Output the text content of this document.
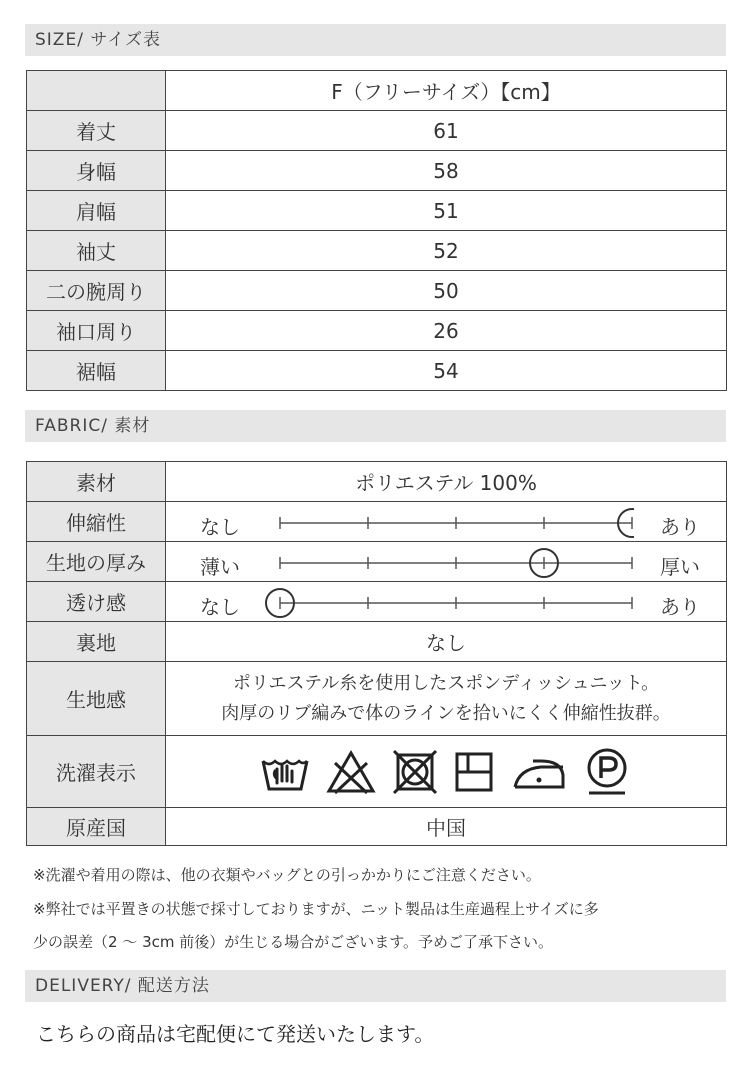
SIZE/ サイズ表
	F（フリーサイズ）【cm】
着丈	61
身幅	58
肩幅	51
袖丈	52
二の腕周り	50
袖口周り	26
裾幅	54
FABRIC/ 素材
素材	ポリエステル 100%
伸縮性	なし あり

生地の厚み	薄い 厚い

透け感	なし あり

裏地	なし
生地感	ポリエステル糸を使用したスポンディッシュニット。
肉厚のリブ編みで体のラインを拾いにくく伸縮性抜群。

洗濯表示	
原産国	中国
※洗濯や着用の際は、他の衣類やバッグとの引っかかりにご注意ください。
※弊社では平置きの状態で採寸しておりますが、ニット製品は生産過程上サイズに多
少の誤差（2 ～ 3cm 前後）が生じる場合がございます。予めご了承下さい。
DELIVERY/ 配送方法
こちらの商品は宅配便にて発送いたします。
